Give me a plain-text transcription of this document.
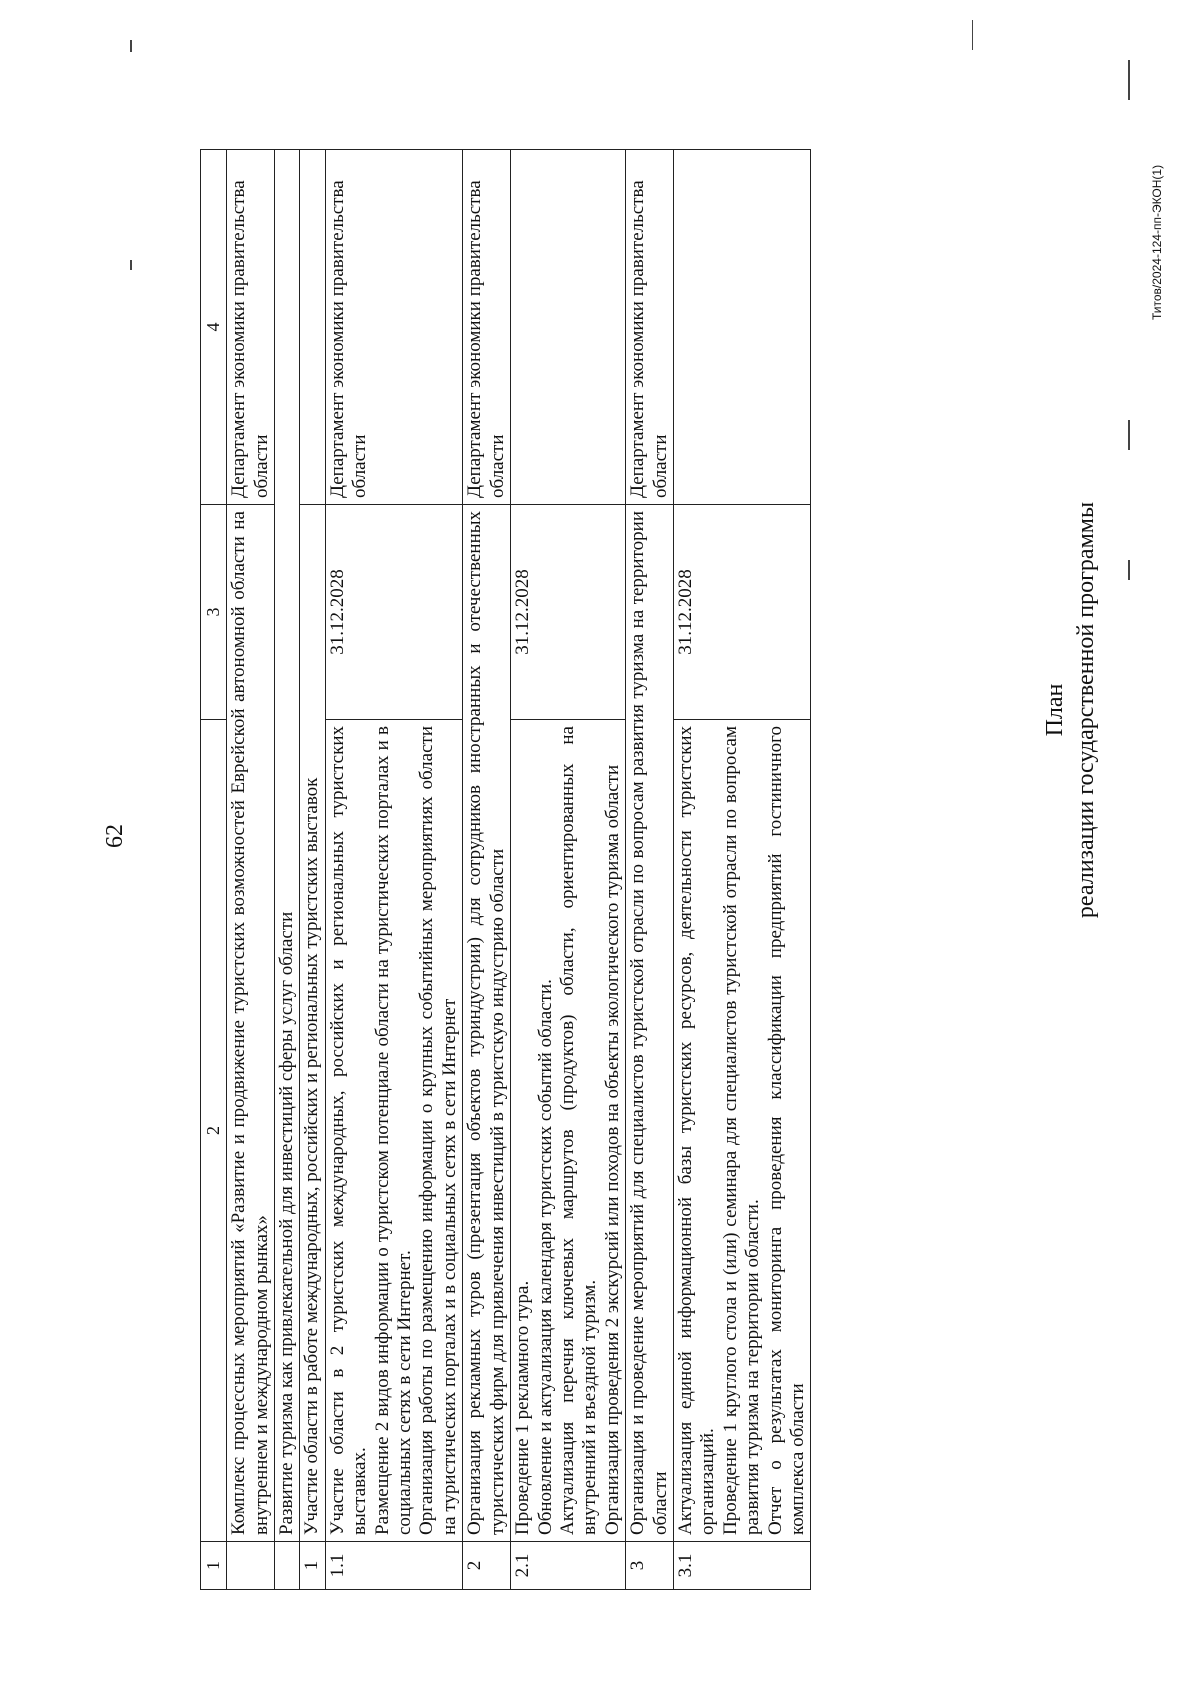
62
1	2	3	4
	Комплекс процессных мероприятий «Развитие и продвижение туристских возможностей Еврейской автономной области на внутреннем и международном рынках»		Департамент экономики правительства области
	Развитие туризма как привлекательной для инвестиций сферы услуг области		
1	Участие области в работе международных, российских и региональных туристских выставок		
1.1	Участие области в 2 туристских международных, российских и региональных туристских выставках. Размещение 2 видов информации о туристском потенциале области на туристических порталах и в социальных сетях в сети Интернет. Организация работы по размещению информации о крупных событийных мероприятиях области на туристических порталах и в социальных сетях в сети Интернет	31.12.2028	Департамент экономики правительства области
2	Организация рекламных туров (презентация объектов туриндустрии) для сотрудников иностранных и отечественных туристических фирм для привлечения инвестиций в туристскую индустрию области		Департамент экономики правительства области
2.1	Проведение 1 рекламного тура. Обновление и актуализация календаря туристских событий области. Актуализация перечня ключевых маршрутов (продуктов) области, ориентированных на внутренний и въездной туризм. Организация проведения 2 экскурсий или походов на объекты экологического туризма области	31.12.2028	
3	Организация и проведение мероприятий для специалистов туристской отрасли по вопросам развития туризма на территории области		Департамент экономики правительства области
3.1	Актуализация единой информационной базы туристских ресурсов, деятельности туристских организаций. Проведение 1 круглого стола и (или) семинара для специалистов туристской отрасли по вопросам развития туризма на территории области. Отчет о результатах мониторинга проведения классификации предприятий гостиничного комплекса области	31.12.2028	
План реализации государственной программы
Титов/2024-124-пп-ЭКОН(1)
